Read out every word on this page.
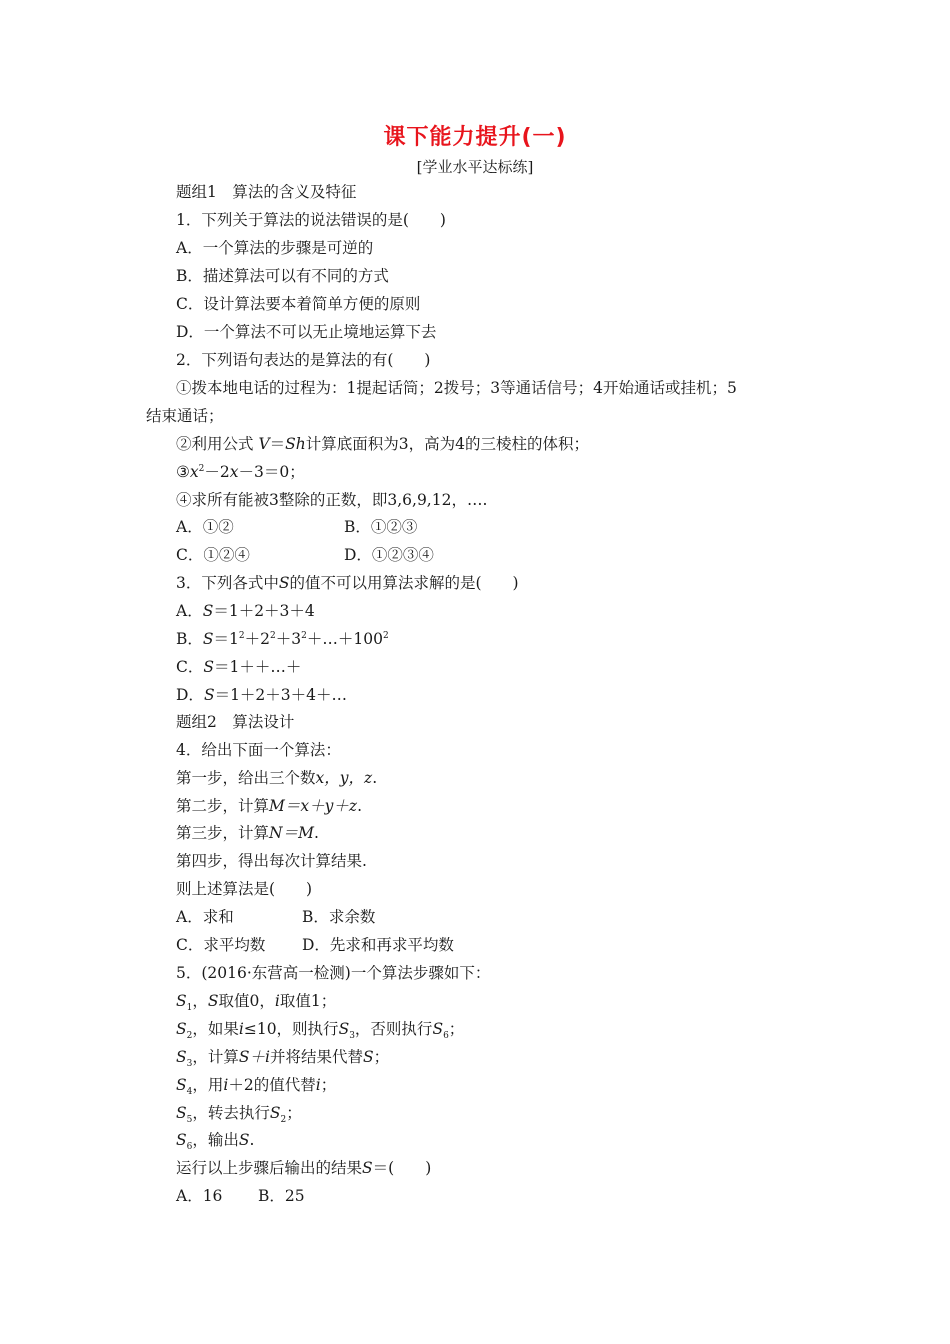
课下能力提升(一)
[学业水平达标练]
题组1　算法的含义及特征
1．下列关于算法的说法错误的是(　　)
A．一个算法的步骤是可逆的
B．描述算法可以有不同的方式
C．设计算法要本着简单方便的原则
D．一个算法不可以无止境地运算下去
2．下列语句表达的是算法的有(　　)
①拨本地电话的过程为：1提起话筒；2拨号；3等通话信号；4开始通话或挂机；5
结束通话；
②利用公式 V＝Sh计算底面积为3，高为4的三棱柱的体积；
$③x^2-2x-3=0$；
④求所有能被3整除的正数，即3,6,9,12，….
A．①②	B．①②③
C．①②④	D．①②③④
3．下列各式中S的值不可以用算法求解的是(　　)
A．S＝1＋2＋3＋4
B．$S=1^2+2^2+3^2+\dots+100^2$
C．S＝1＋＋…＋
D．S＝1＋2＋3＋4＋…
题组2　算法设计
4．给出下面一个算法：
第一步，给出三个数x，y，z.
第二步，计算M＝x＋y＋z.
第三步，计算N＝M.
第四步，得出每次计算结果.
则上述算法是(　　)
A．求和	B．求余数
C．求平均数 D．先求和再求平均数
5．(2016·东营高一检测)一个算法步骤如下：
$S_1$，S取值0，i取值1；
$S_2$，如果i≤10，则执行$S_3$，否则执行$S_6$；
$S_3$，计算S＋i并将结果代替S；
$S_4$，用i＋2的值代替i；
$S_5$，转去执行$S_2$；
$S_6$，输出S.
运行以上步骤后输出的结果S＝(　　)
A．16 B．25
